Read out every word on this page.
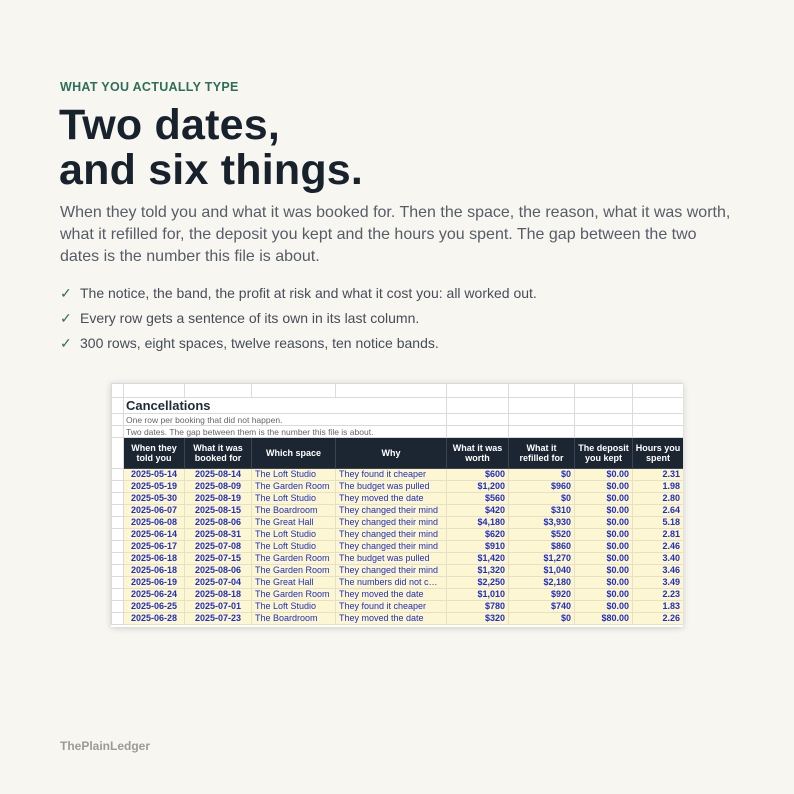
WHAT YOU ACTUALLY TYPE
Two dates,
and six things.

When they told you and what it was booked for. Then the space, the reason, what it was worth, what it refilled for, the deposit you kept and the hours you spent. The gap between the two dates is the number this file is about.

✓ The notice, the band, the profit at risk and what it cost you: all worked out.
✓ Every row gets a sentence of its own in its last column.
✓ 300 rows, eight spaces, twelve reasons, ten notice bands.

	Cancellations							
	One row per booking that did not happen.							
	Two dates. The gap between them is the number this file is about.							
	When they told you	What it was booked for	Which space	Why	What it was worth	What it refilled for	The deposit you kept	Hours you spent
	2025-05-14	2025-08-14	The Loft Studio	They found it cheaper	$600	$0	$0.00	2.31
	2025-05-19	2025-08-09	The Garden Room	The budget was pulled	$1,200	$960	$0.00	1.98
	2025-05-30	2025-08-19	The Loft Studio	They moved the date	$560	$0	$0.00	2.80
	2025-06-07	2025-08-15	The Boardroom	They changed their mind	$420	$310	$0.00	2.64
	2025-06-08	2025-08-06	The Great Hall	They changed their mind	$4,180	$3,930	$0.00	5.18
	2025-06-14	2025-08-31	The Loft Studio	They changed their mind	$620	$520	$0.00	2.81
	2025-06-17	2025-07-08	The Loft Studio	They changed their mind	$910	$860	$0.00	2.46
	2025-06-18	2025-07-15	The Garden Room	The budget was pulled	$1,420	$1,270	$0.00	3.40
	2025-06-18	2025-08-06	The Garden Room	They changed their mind	$1,320	$1,040	$0.00	3.46
	2025-06-19	2025-07-04	The Great Hall	The numbers did not c…	$2,250	$2,180	$0.00	3.49
	2025-06-24	2025-08-18	The Garden Room	They moved the date	$1,010	$920	$0.00	2.23
	2025-06-25	2025-07-01	The Loft Studio	They found it cheaper	$780	$740	$0.00	1.83
	2025-06-28	2025-07-23	The Boardroom	They moved the date	$320	$0	$80.00	2.26
ThePlainLedger
